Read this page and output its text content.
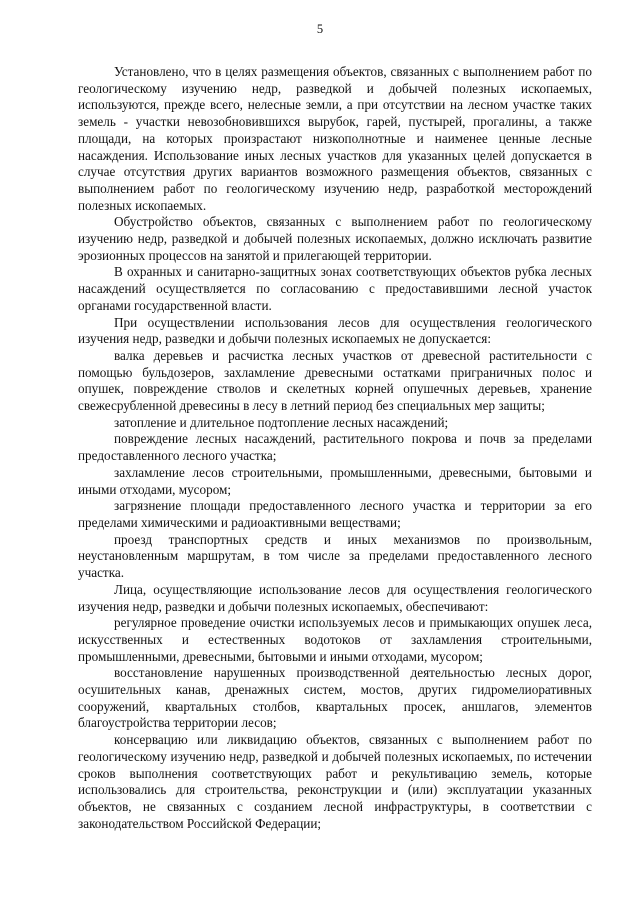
5

Установлено, что в целях размещения объектов, связанных с выполнением работ по геологическому изучению недр, разведкой и добычей полезных ископаемых, используются, прежде всего, нелесные земли, а при отсутствии на лесном участке таких земель - участки невозобновившихся вырубок, гарей, пустырей, прогалины, а также площади, на которых произрастают низкополнотные и наименее ценные лесные насаждения. Использование иных лесных участков для указанных целей допускается в случае отсутствия других вариантов возможного размещения объектов, связанных с выполнением работ по геологическому изучению недр, разработкой месторождений полезных ископаемых.

Обустройство объектов, связанных с выполнением работ по геологическому изучению недр, разведкой и добычей полезных ископаемых, должно исключать развитие эрозионных процессов на занятой и прилегающей территории.

В охранных и санитарно-защитных зонах соответствующих объектов рубка лесных насаждений осуществляется по согласованию с предоставившими лесной участок органами государственной власти.

При осуществлении использования лесов для осуществления геологического изучения недр, разведки и добычи полезных ископаемых не допускается:

валка деревьев и расчистка лесных участков от древесной растительности с помощью бульдозеров, захламление древесными остатками приграничных полос и опушек, повреждение стволов и скелетных корней опушечных деревьев, хранение свежесрубленной древесины в лесу в летний период без специальных мер защиты;

затопление и длительное подтопление лесных насаждений;

повреждение лесных насаждений, растительного покрова и почв за пределами предоставленного лесного участка;

захламление лесов строительными, промышленными, древесными, бытовыми и иными отходами, мусором;

загрязнение площади предоставленного лесного участка и территории за его пределами химическими и радиоактивными веществами;

проезд транспортных средств и иных механизмов по произвольным, неустановленным маршрутам, в том числе за пределами предоставленного лесного участка.

Лица, осуществляющие использование лесов для осуществления геологического изучения недр, разведки и добычи полезных ископаемых, обеспечивают:

регулярное проведение очистки используемых лесов и примыкающих опушек леса, искусственных и естественных водотоков от захламления строительными, промышленными, древесными, бытовыми и иными отходами, мусором;

восстановление нарушенных производственной деятельностью лесных дорог, осушительных канав, дренажных систем, мостов, других гидромелиоративных сооружений, квартальных столбов, квартальных просек, аншлагов, элементов благоустройства территории лесов;

консервацию или ликвидацию объектов, связанных с выполнением работ по геологическому изучению недр, разведкой и добычей полезных ископаемых, по истечении сроков выполнения соответствующих работ и рекультивацию земель, которые использовались для строительства, реконструкции и (или) эксплуатации указанных объектов, не связанных с созданием лесной инфраструктуры, в соответствии с законодательством Российской Федерации;
